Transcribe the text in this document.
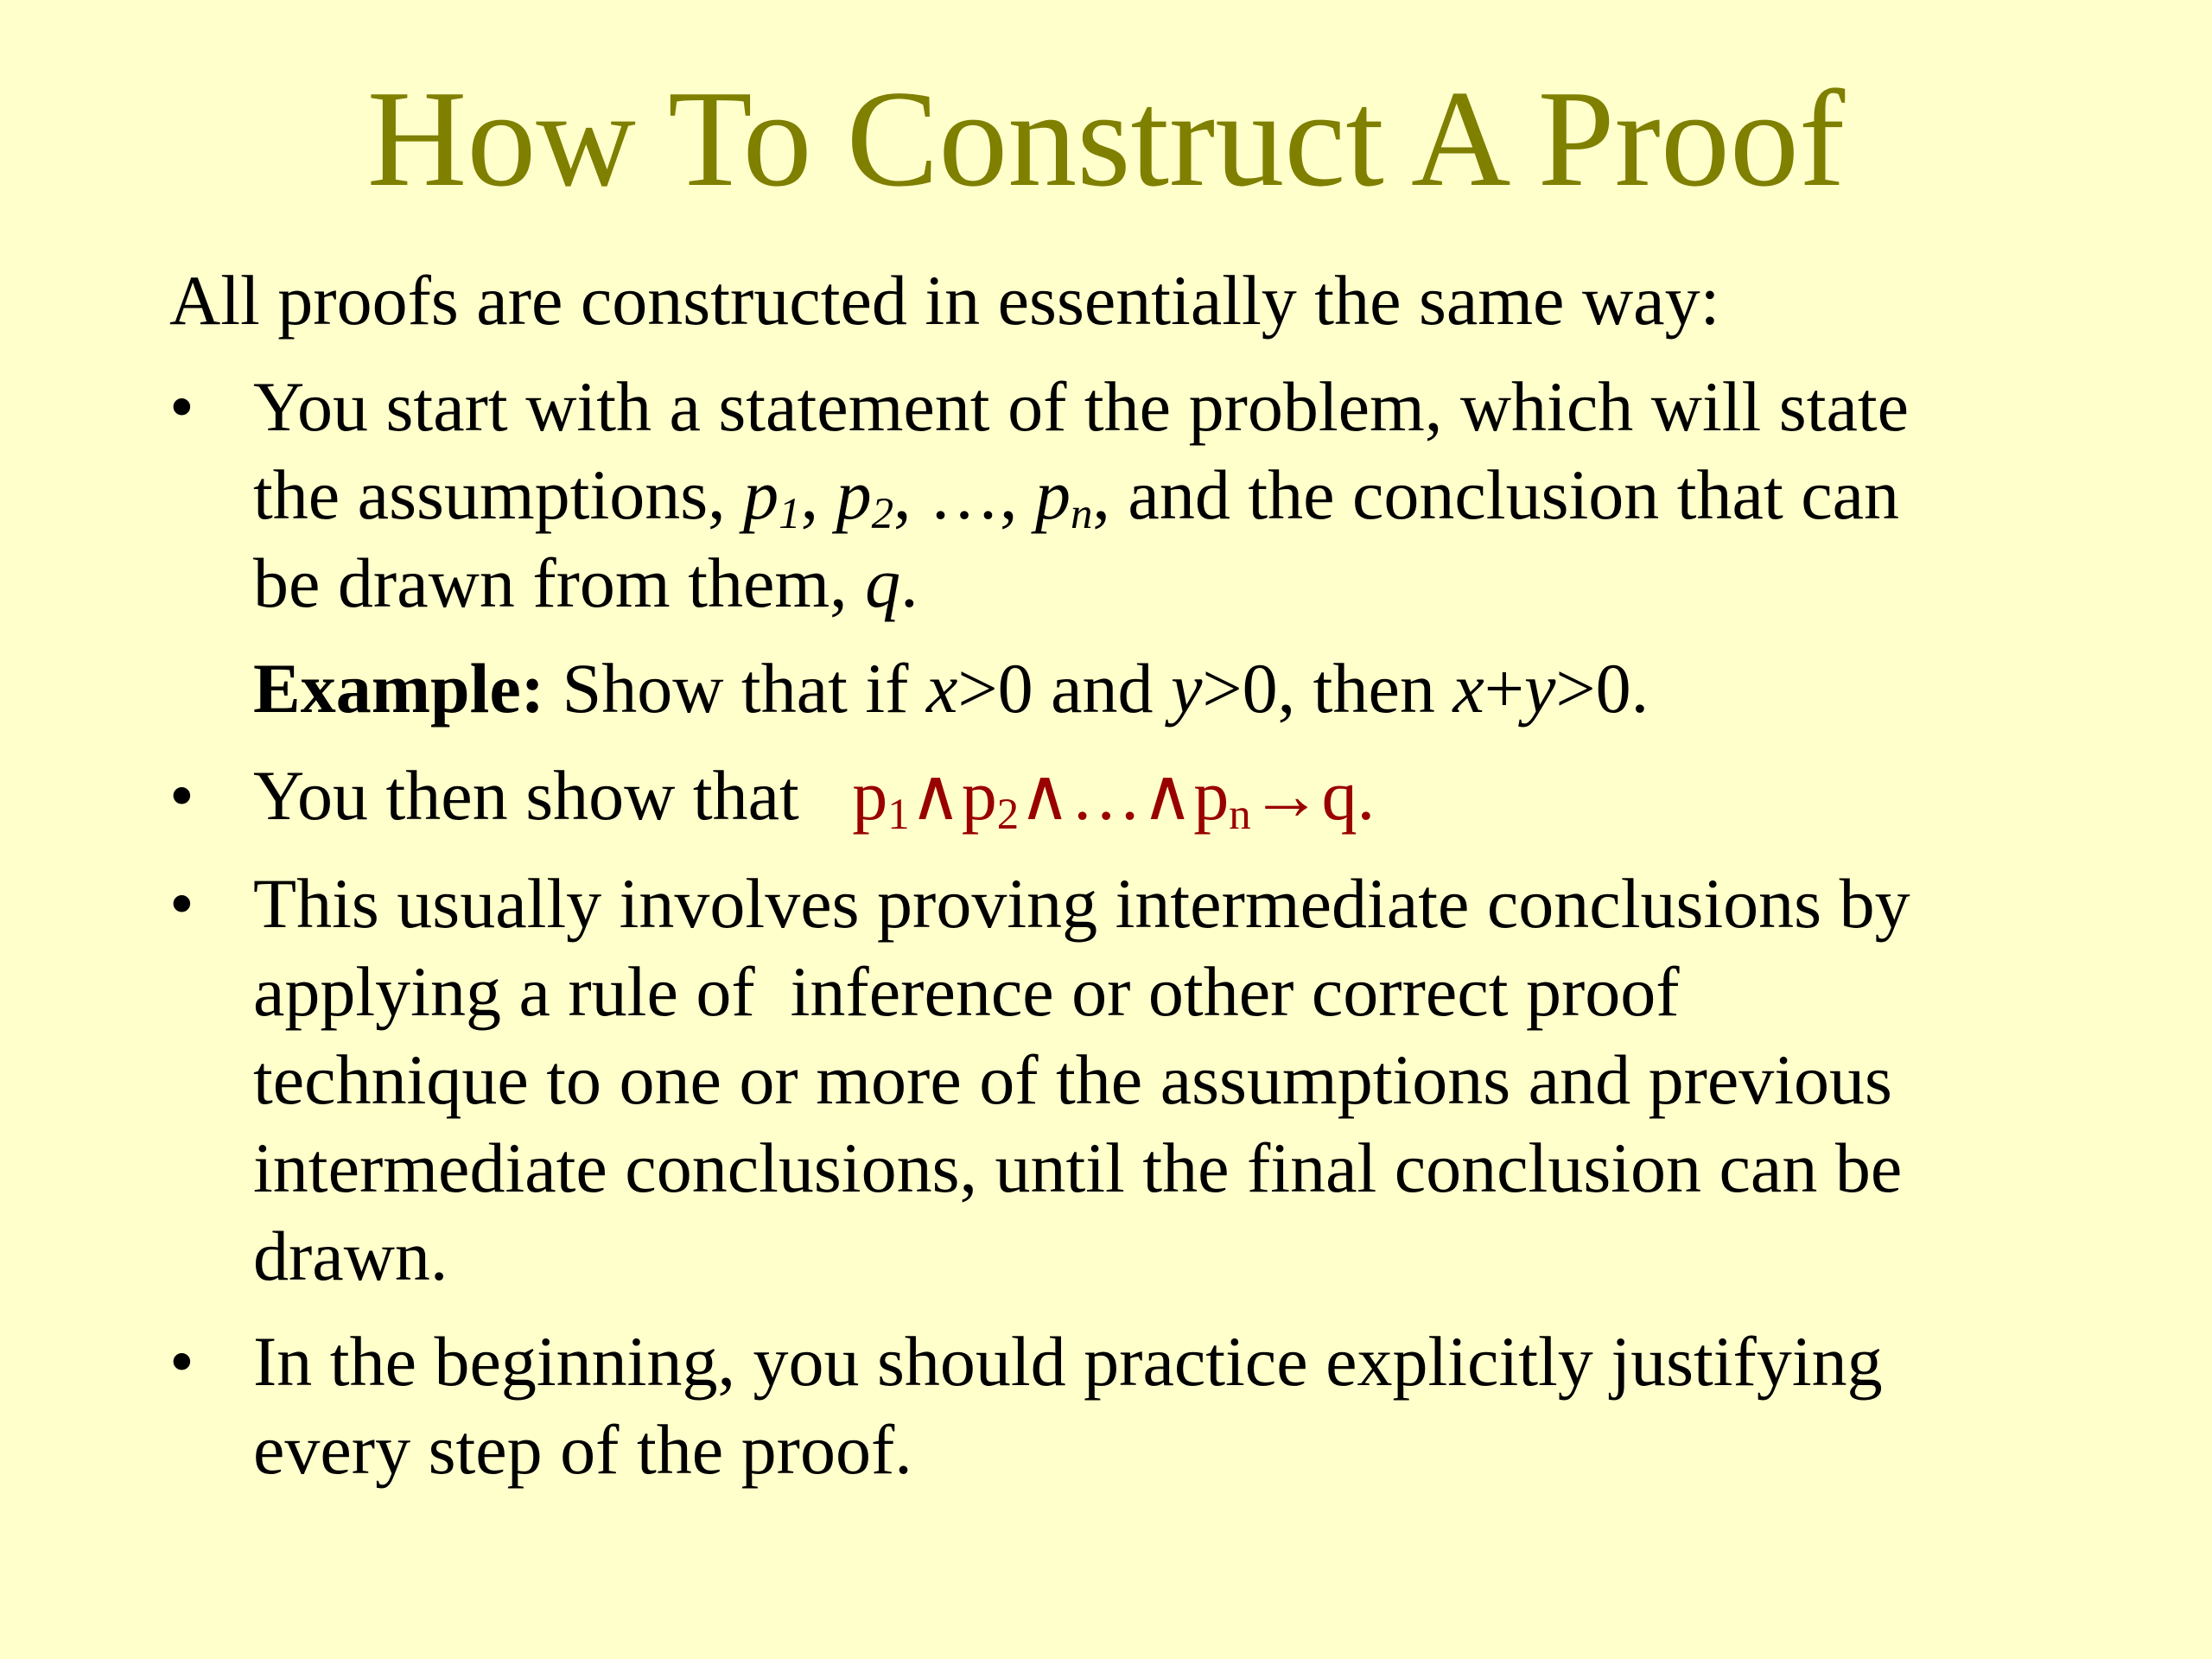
How To Construct A Proof
All proofs are constructed in essentially the same way:
• You start with a statement of the problem, which will state
the assumptions, $p_1$, $p_2$, …, $p_n$, and the conclusion that can
be drawn from them, q.
Example: Show that if x>0 and y>0, then x+y>0.
• You then show that   $p_1\wedge p_2\wedge\dots\wedge p_n\to q$.
• This usually involves proving intermediate conclusions by
applying a rule of  inference or other correct proof
technique to one or more of the assumptions and previous
intermediate conclusions, until the final conclusion can be
drawn.
• In the beginning, you should practice explicitly justifying
every step of the proof.
